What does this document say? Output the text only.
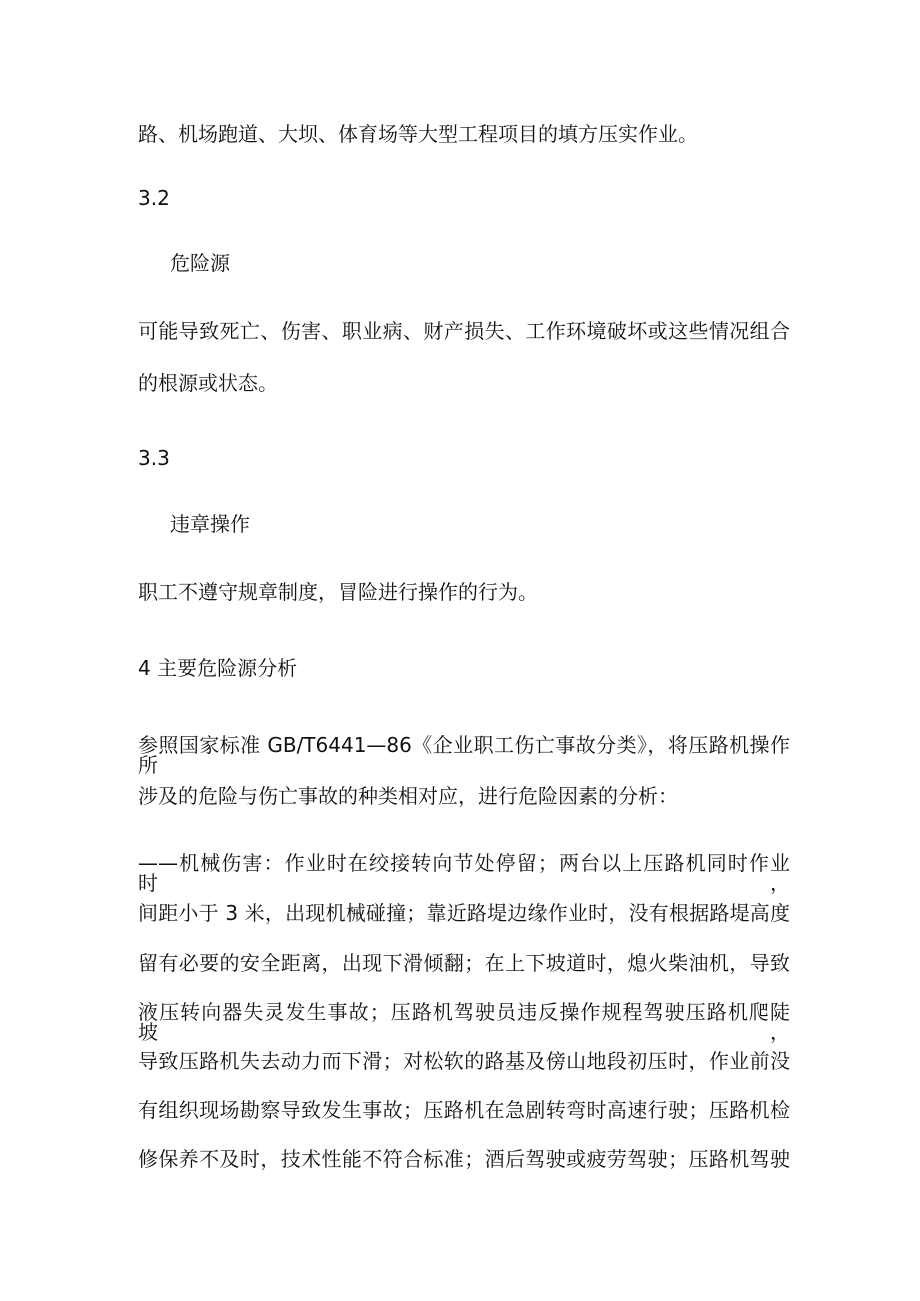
路、机场跑道、大坝、体育场等大型工程项目的填方压实作业。

3.2

危险源

可能导致死亡、伤害、职业病、财产损失、工作环境破坏或这些情况组合

的根源或状态。

3.3

违章操作

职工不遵守规章制度，冒险进行操作的行为。

4 主要危险源分析

参照国家标准 GB/T6441—86《企业职工伤亡事故分类》，将压路机操作所

涉及的危险与伤亡事故的种类相对应，进行危险因素的分析：

——机械伤害：作业时在绞接转向节处停留；两台以上压路机同时作业时，

间距小于 3 米，出现机械碰撞；靠近路堤边缘作业时，没有根据路堤高度

留有必要的安全距离，出现下滑倾翻；在上下坡道时，熄火柴油机，导致

液压转向器失灵发生事故；压路机驾驶员违反操作规程驾驶压路机爬陡坡，

导致压路机失去动力而下滑；对松软的路基及傍山地段初压时，作业前没

有组织现场勘察导致发生事故；压路机在急剧转弯时高速行驶；压路机检

修保养不及时，技术性能不符合标准；酒后驾驶或疲劳驾驶；压路机驾驶
